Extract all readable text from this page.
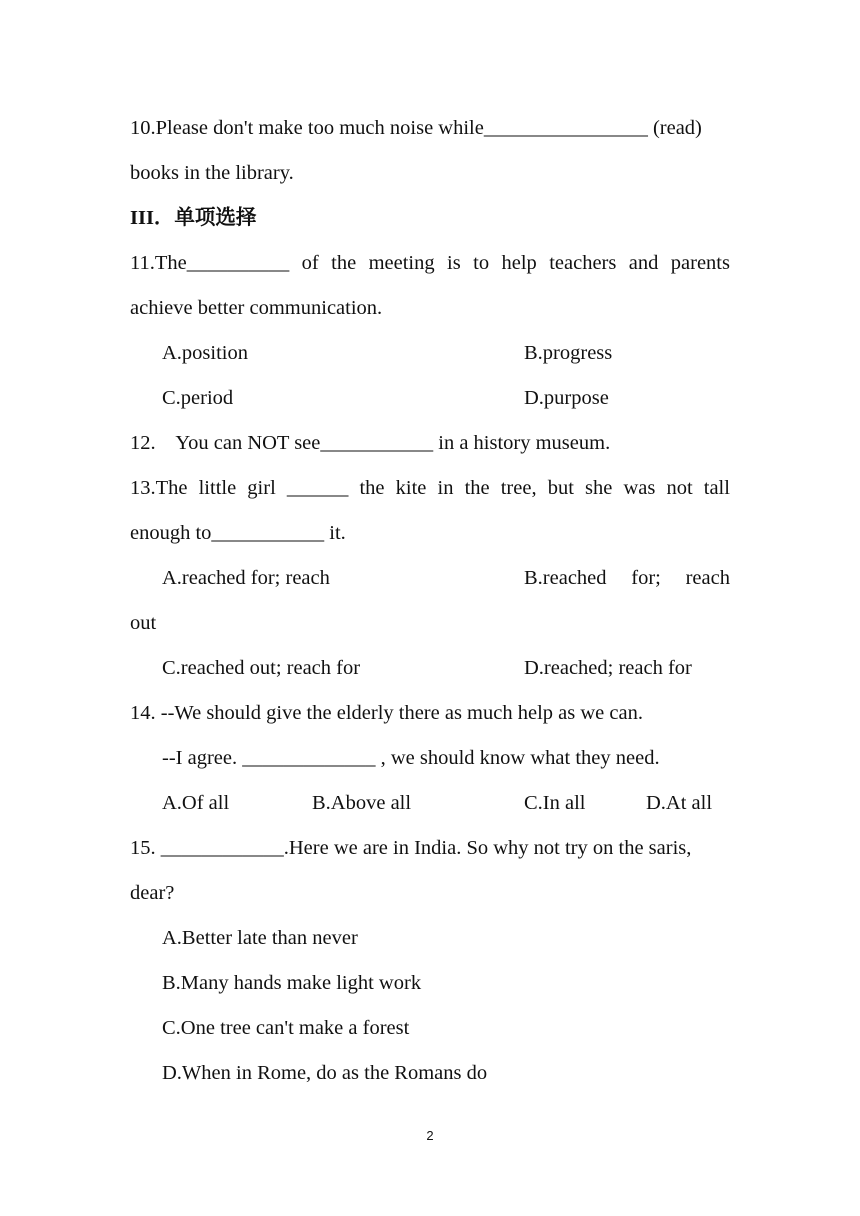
10.Please don't make too much noise while________________ (read)
books in the library.
III．单项选择
11.The__________ of the meeting is to help teachers and parents
achieve better communication.
A.position	B.progress
C.period	D.purpose
12.    You can NOT see___________ in a history museum.
13.The little girl ______ the kite in the tree, but she was not tall
enough to___________ it.
A.reached for; reach	B.reached for; reach
out
C.reached out; reach for	D.reached; reach for
14. --We should give the elderly there as much help as we can.
--I agree. _____________ , we should know what they need.
A.Of all	B.Above all	C.In all	D.At all
15. ____________.Here we are in India. So why not try on the saris,
dear?
A.Better late than never
B.Many hands make light work
C.One tree can't make a forest
D.When in Rome, do as the Romans do
2
